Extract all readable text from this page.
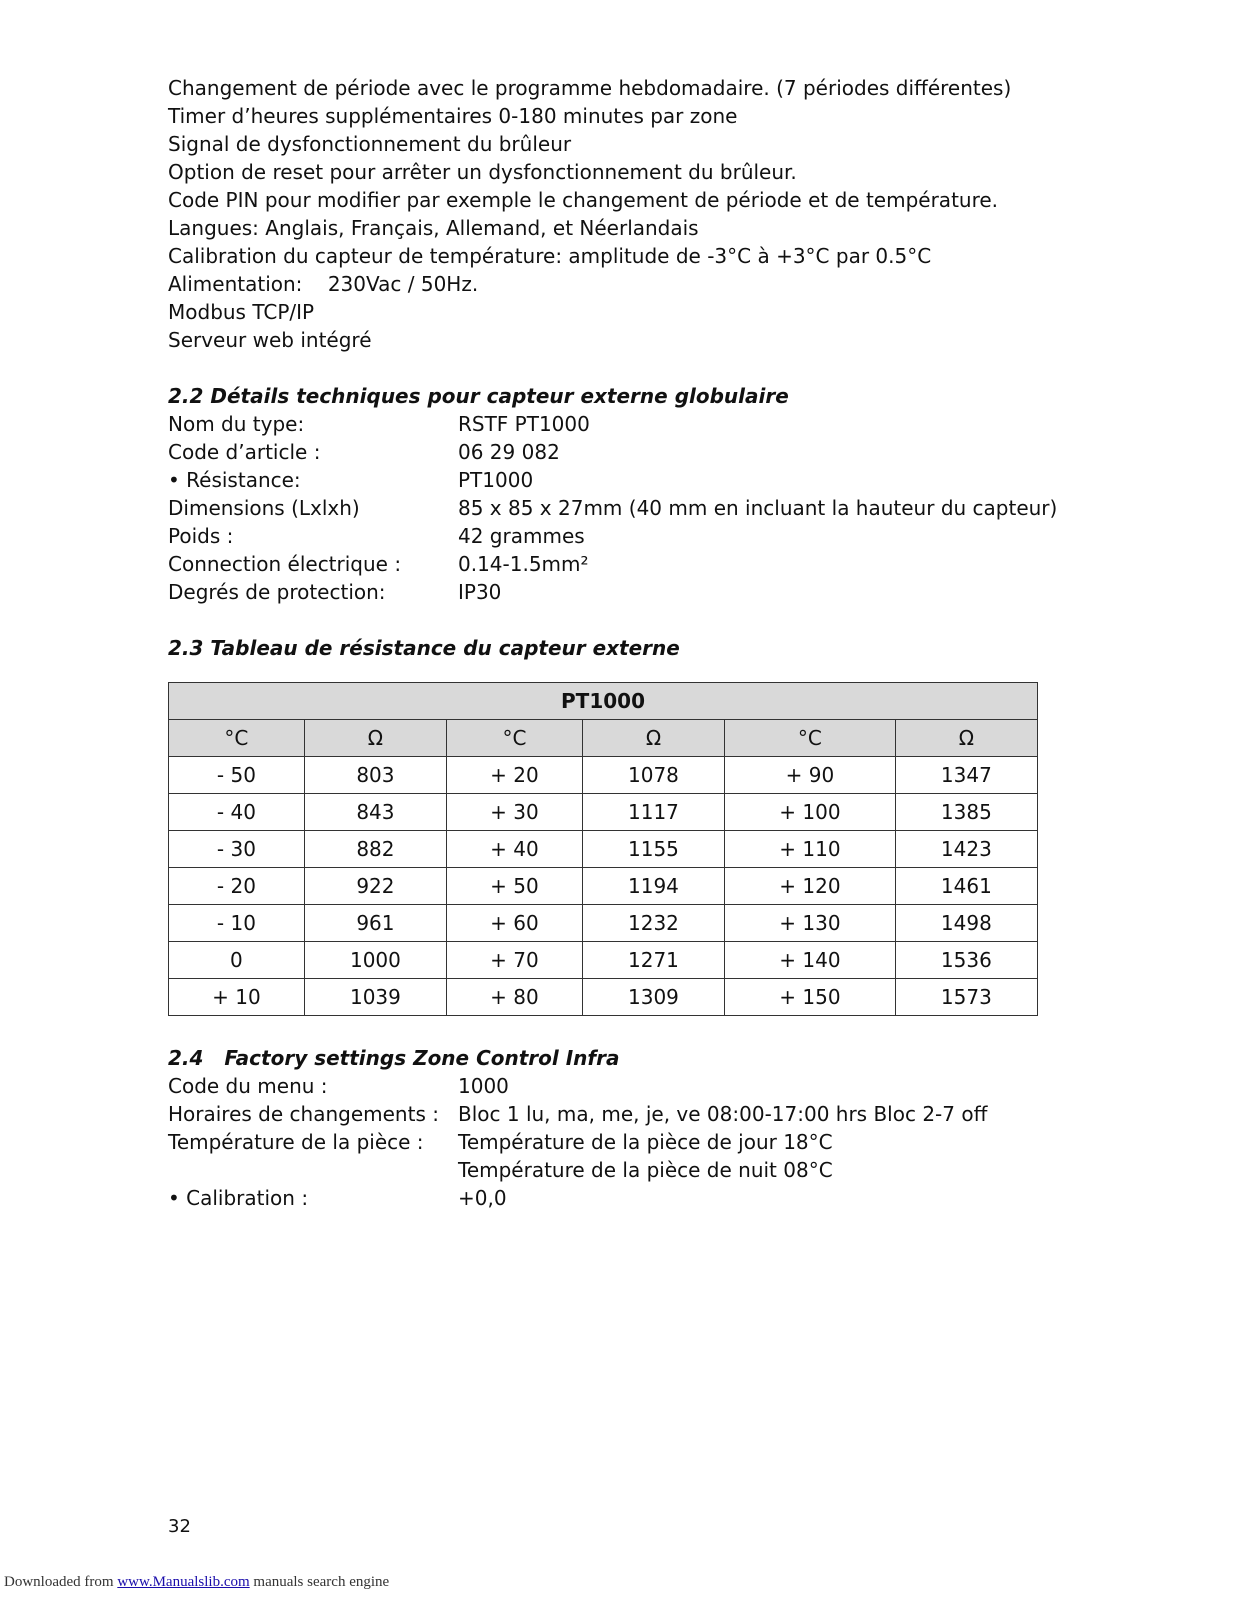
Changement de période avec le programme hebdomadaire. (7 périodes différentes)
Timer d’heures supplémentaires 0-180 minutes par zone
Signal de dysfonctionnement du brûleur
Option de reset pour arrêter un dysfonctionnement du brûleur.
Code PIN pour modifier par exemple le changement de période et de température.
Langues: Anglais, Français, Allemand, et Néerlandais
Calibration du capteur de température: amplitude de -3°C à +3°C par 0.5°C
Alimentation:    230Vac / 50Hz.
Modbus TCP/IP
Serveur web intégré
2.2 Détails techniques pour capteur externe globulaire
Nom du type:	RSTF PT1000
Code d’article :	06 29 082
• Résistance:	PT1000
Dimensions (Lxlxh)	85 x 85 x 27mm (40 mm en incluant la hauteur du capteur)
Poids :	42 grammes
Connection électrique :	0.14-1.5mm²
Degrés de protection:	IP30
2.3 Tableau de résistance du capteur externe
PT1000					
°C	Ω	°C	Ω	°C	Ω
- 50	803	+ 20	1078	+ 90	1347
- 40	843	+ 30	1117	+ 100	1385
- 30	882	+ 40	1155	+ 110	1423
- 20	922	+ 50	1194	+ 120	1461
- 10	961	+ 60	1232	+ 130	1498
0	1000	+ 70	1271	+ 140	1536
+ 10	1039	+ 80	1309	+ 150	1573
2.4   Factory settings Zone Control Infra
Code du menu :	1000
Horaires de changements : Bloc 1 lu, ma, me, je, ve 08:00-17:00 hrs Bloc 2-7 off
Température de la pièce :	Température de la pièce de jour 18°C
Température de la pièce de nuit 08°C
• Calibration :	+0,0
32
Downloaded from www.Manualslib.com manuals search engine
